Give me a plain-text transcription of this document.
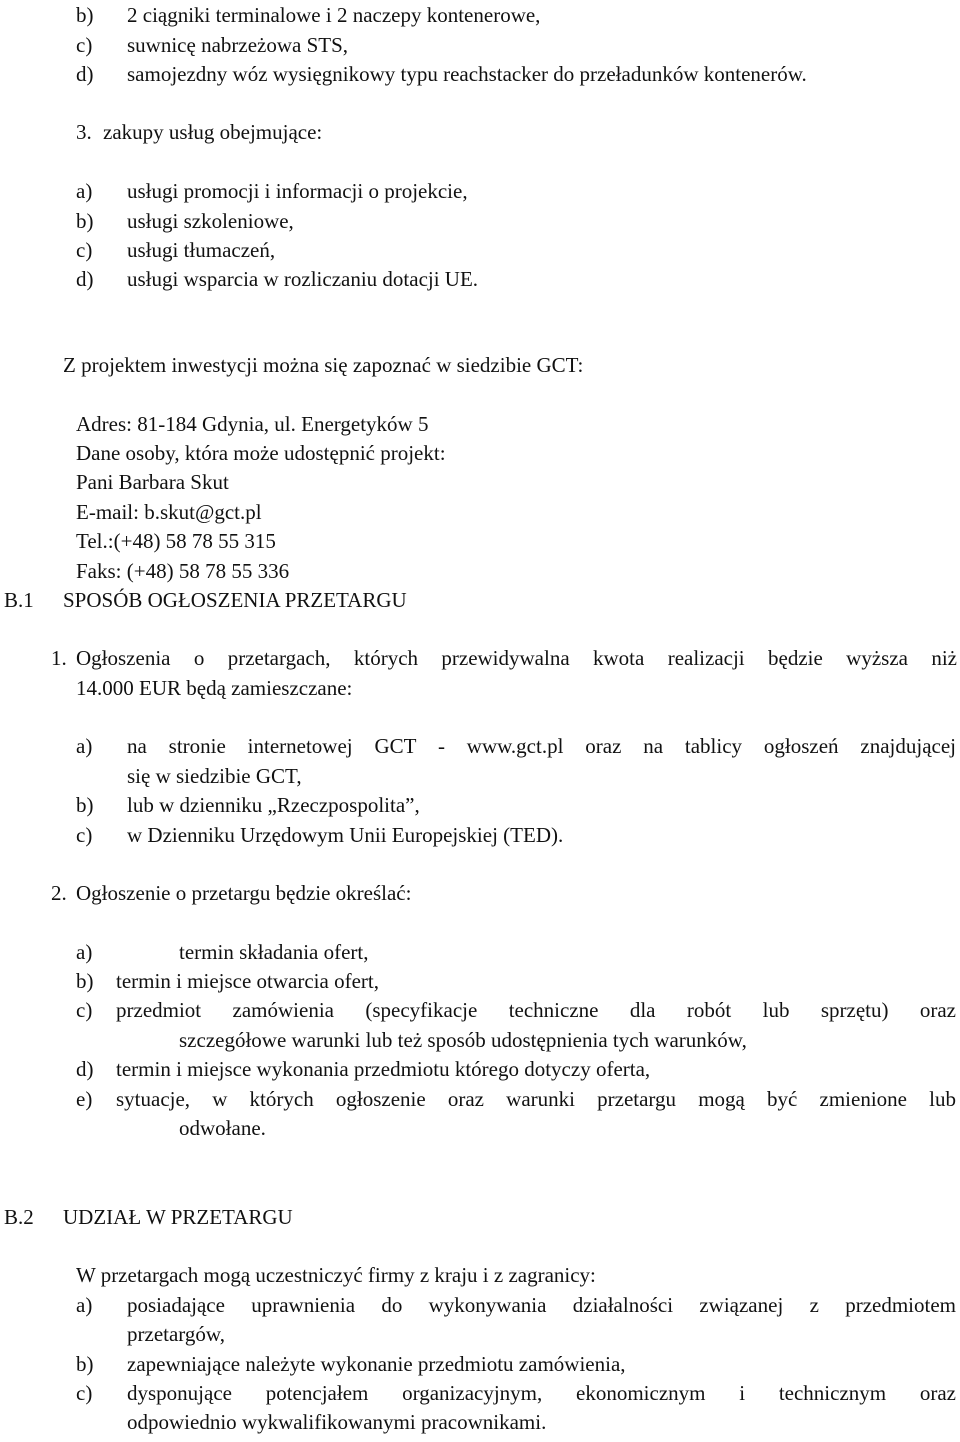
b) 2 ciągniki terminalowe i 2 naczepy kontenerowe,
c) suwnicę nabrzeżowa STS,
d) samojezdny wóz wysięgnikowy typu reachstacker do przeładunków kontenerów.
3. zakupy usług obejmujące:
a) usługi promocji i informacji o projekcie,
b) usługi szkoleniowe,
c) usługi tłumaczeń,
d) usługi wsparcia w rozliczaniu dotacji UE.
Z projektem inwestycji można się zapoznać w siedzibie GCT:
Adres: 81-184 Gdynia, ul. Energetyków 5
Dane osoby, która może udostępnić projekt:
Pani Barbara Skut
E-mail: b.skut@gct.pl
Tel.:(+48) 58 78 55 315
Faks: (+48) 58 78 55 336
B.1 SPOSÓB OGŁOSZENIA PRZETARGU
1. Ogłoszenia o przetargach, których przewidywalna kwota realizacji będzie wyższa niż
14.000 EUR będą zamieszczane:
a) na stronie internetowej GCT - www.gct.pl oraz na tablicy ogłoszeń znajdującej
się w siedzibie GCT,
b) lub w dzienniku „Rzeczpospolita”,
c) w Dzienniku Urzędowym Unii Europejskiej (TED).
2. Ogłoszenie o przetargu będzie określać:
a)	termin składania ofert,
b) termin i miejsce otwarcia ofert,
c) przedmiot zamówienia (specyfikacje techniczne dla robót lub sprzętu) oraz
szczegółowe warunki lub też sposób udostępnienia tych warunków,
d) termin i miejsce wykonania przedmiotu którego dotyczy oferta,
e) sytuacje, w których ogłoszenie oraz warunki przetargu mogą być zmienione lub
odwołane.
B.2 UDZIAŁ W PRZETARGU
W przetargach mogą uczestniczyć firmy z kraju i z zagranicy:
a) posiadające uprawnienia do wykonywania działalności związanej z przedmiotem
przetargów,
b) zapewniające należyte wykonanie przedmiotu zamówienia,
c) dysponujące potencjałem organizacyjnym, ekonomicznym i technicznym oraz
odpowiednio wykwalifikowanymi pracownikami.
